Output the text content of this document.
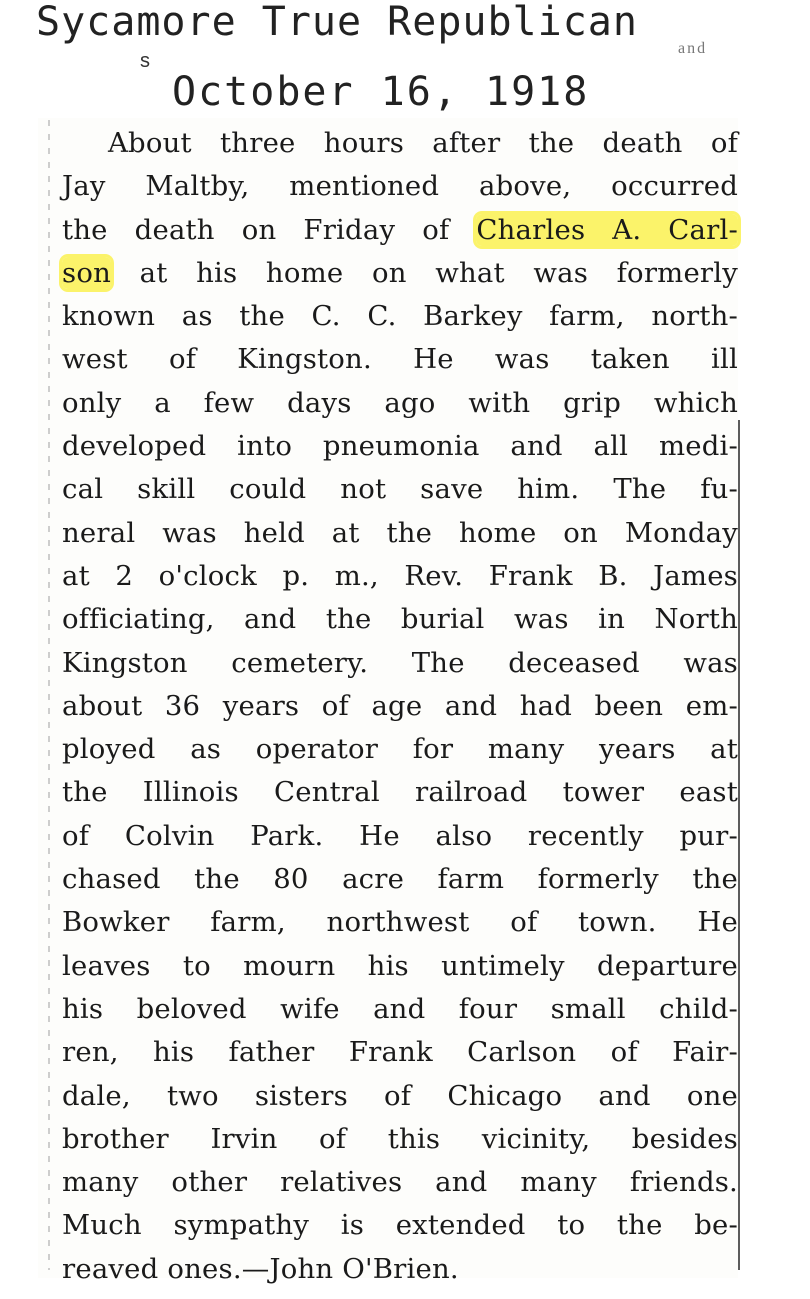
Sycamore True Republican
s
and
October 16, 1918
About three hours after the death of
Jay Maltby, mentioned above, occurred
the death on Friday of Charles A. Carl-
son at his home on what was formerly
known as the C. C. Barkey farm, north-
west of Kingston. He was taken ill
only a few days ago with grip which
developed into pneumonia and all medi-
cal skill could not save him. The fu-
neral was held at the home on Monday
at 2 o'clock p. m., Rev. Frank B. James
officiating, and the burial was in North
Kingston cemetery. The deceased was
about 36 years of age and had been em-
ployed as operator for many years at
the Illinois Central railroad tower east
of Colvin Park. He also recently pur-
chased the 80 acre farm formerly the
Bowker farm, northwest of town. He
leaves to mourn his untimely departure
his beloved wife and four small child-
ren, his father Frank Carlson of Fair-
dale, two sisters of Chicago and one
brother Irvin of this vicinity, besides
many other relatives and many friends.
Much sympathy is extended to the be-
reaved ones.—John O'Brien.
